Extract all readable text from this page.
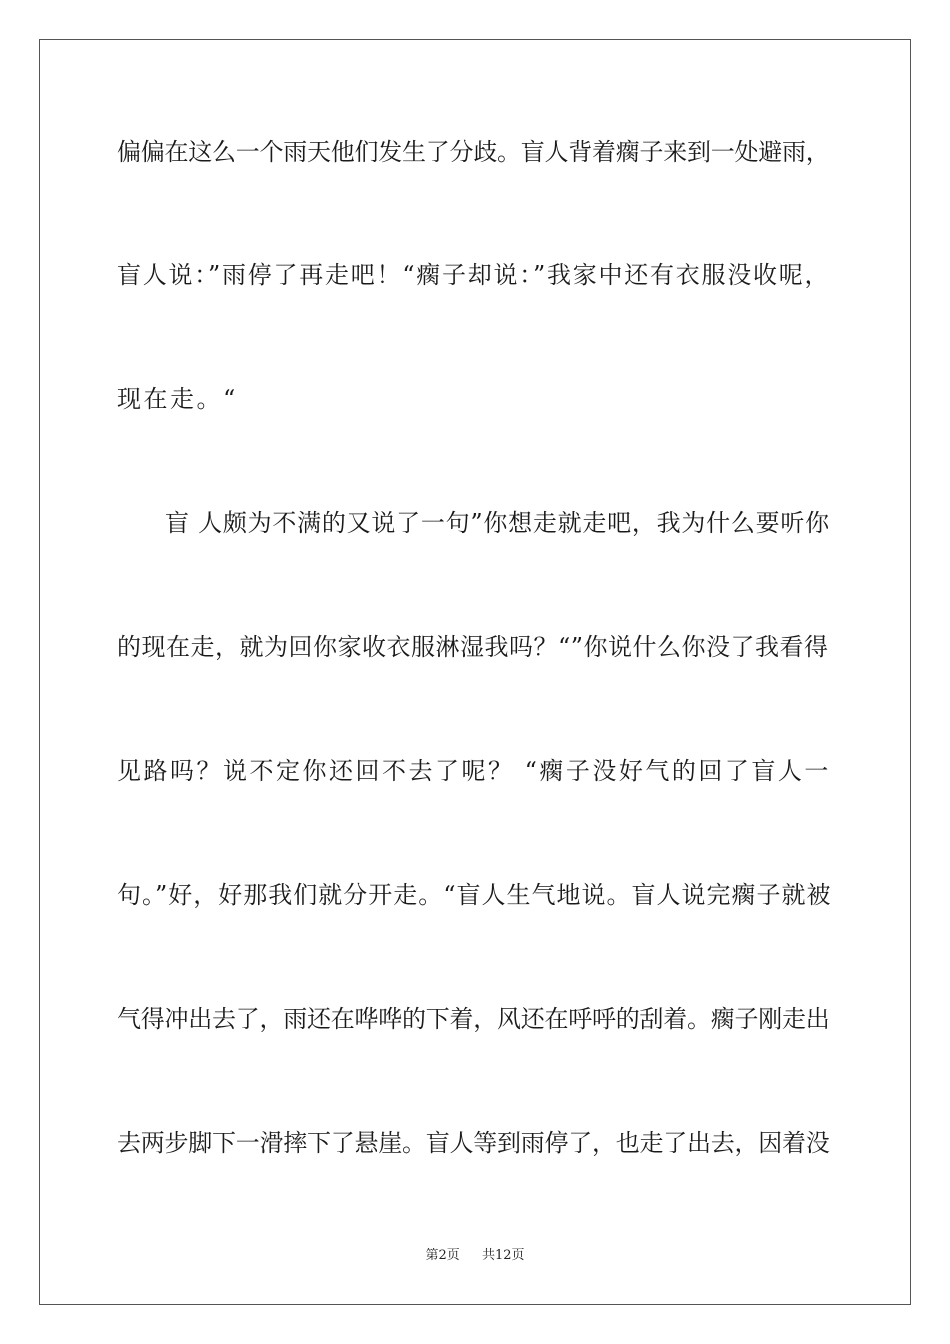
偏偏在这么一个雨天他们发生了分歧。盲人背着瘸子来到一处避雨，
盲人说：”雨停了再走吧！“瘸子却说：”我家中还有衣服没收呢，
现在走。“
盲 人颇为不满的又说了一句”你想走就走吧，我为什么要听你
的现在走，就为回你家收衣服淋湿我吗？“”你说什么你没了我看得
见路吗？说不定你还回不去了呢？ “瘸子没好气的回了盲人一
句。”好，好那我们就分开走。“盲人生气地说。盲人说完瘸子就被
气得冲出去了，雨还在哗哗的下着，风还在呼呼的刮着。瘸子刚走出
去两步脚下一滑摔下了悬崖。盲人等到雨停了，也走了出去，因着没
第2页 共12页
